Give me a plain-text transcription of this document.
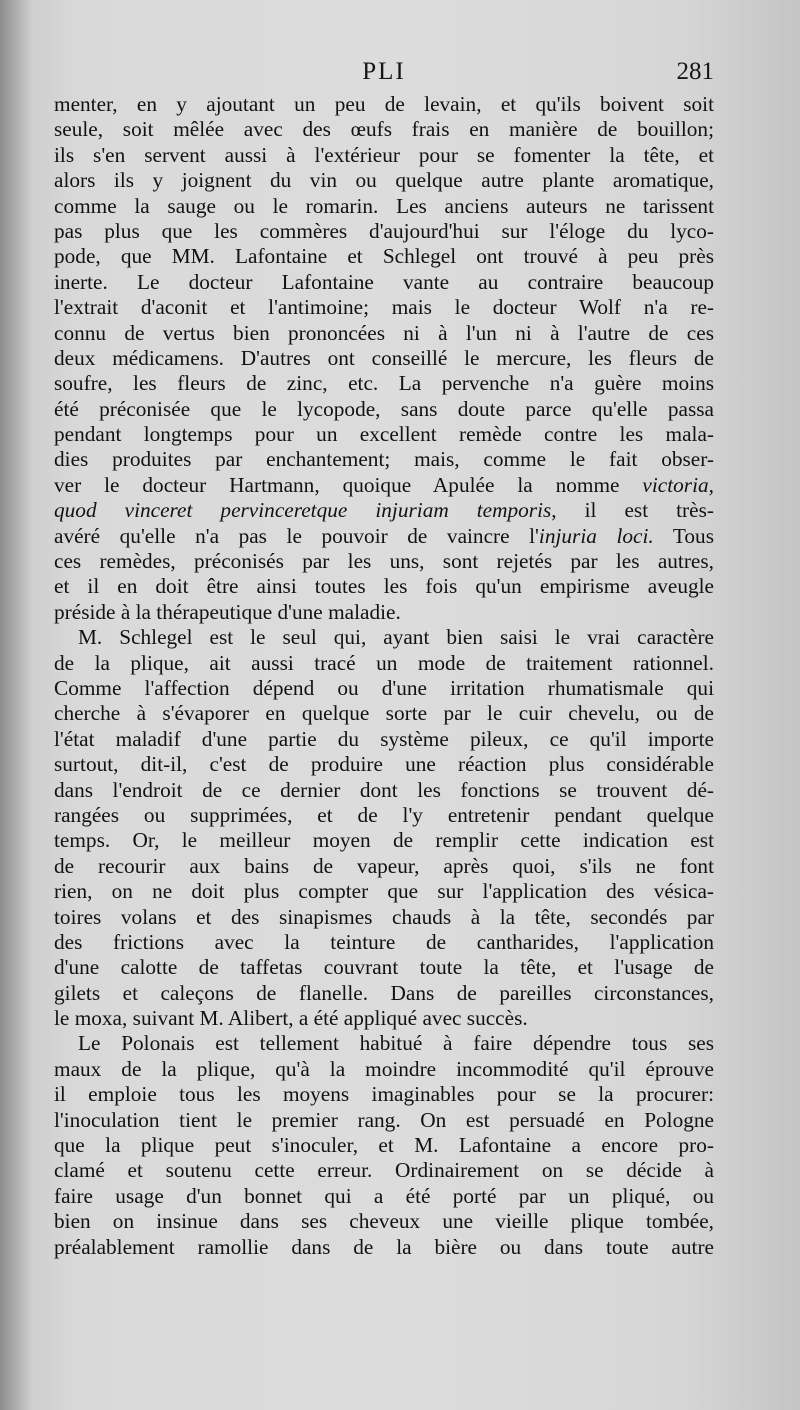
PLI	281
menter, en y ajoutant un peu de levain, et qu'ils boivent soit
seule, soit mêlée avec des œufs frais en manière de bouillon;
ils s'en servent aussi à l'extérieur pour se fomenter la tête, et
alors ils y joignent du vin ou quelque autre plante aromatique,
comme la sauge ou le romarin. Les anciens auteurs ne tarissent
pas plus que les commères d'aujourd'hui sur l'éloge du lyco-
pode, que MM. Lafontaine et Schlegel ont trouvé à peu près
inerte. Le docteur Lafontaine vante au contraire beaucoup
l'extrait d'aconit et l'antimoine; mais le docteur Wolf n'a re-
connu de vertus bien prononcées ni à l'un ni à l'autre de ces
deux médicamens. D'autres ont conseillé le mercure, les fleurs de
soufre, les fleurs de zinc, etc. La pervenche n'a guère moins
été préconisée que le lycopode, sans doute parce qu'elle passa
pendant longtemps pour un excellent remède contre les mala-
dies produites par enchantement; mais, comme le fait obser-
ver le docteur Hartmann, quoique Apulée la nomme victoria,
quod vinceret pervinceretque injuriam temporis, il est très-
avéré qu'elle n'a pas le pouvoir de vaincre l'injuria loci. Tous
ces remèdes, préconisés par les uns, sont rejetés par les autres,
et il en doit être ainsi toutes les fois qu'un empirisme aveugle
préside à la thérapeutique d'une maladie.
M. Schlegel est le seul qui, ayant bien saisi le vrai caractère
de la plique, ait aussi tracé un mode de traitement rationnel.
Comme l'affection dépend ou d'une irritation rhumatismale qui
cherche à s'évaporer en quelque sorte par le cuir chevelu, ou de
l'état maladif d'une partie du système pileux, ce qu'il importe
surtout, dit-il, c'est de produire une réaction plus considérable
dans l'endroit de ce dernier dont les fonctions se trouvent dé-
rangées ou supprimées, et de l'y entretenir pendant quelque
temps. Or, le meilleur moyen de remplir cette indication est
de recourir aux bains de vapeur, après quoi, s'ils ne font
rien, on ne doit plus compter que sur l'application des vésica-
toires volans et des sinapismes chauds à la tête, secondés par
des frictions avec la teinture de cantharides, l'application
d'une calotte de taffetas couvrant toute la tête, et l'usage de
gilets et caleçons de flanelle. Dans de pareilles circonstances,
le moxa, suivant M. Alibert, a été appliqué avec succès.
Le Polonais est tellement habitué à faire dépendre tous ses
maux de la plique, qu'à la moindre incommodité qu'il éprouve
il emploie tous les moyens imaginables pour se la procurer:
l'inoculation tient le premier rang. On est persuadé en Pologne
que la plique peut s'inoculer, et M. Lafontaine a encore pro-
clamé et soutenu cette erreur. Ordinairement on se décide à
faire usage d'un bonnet qui a été porté par un pliqué, ou
bien on insinue dans ses cheveux une vieille plique tombée,
préalablement ramollie dans de la bière ou dans toute autre
